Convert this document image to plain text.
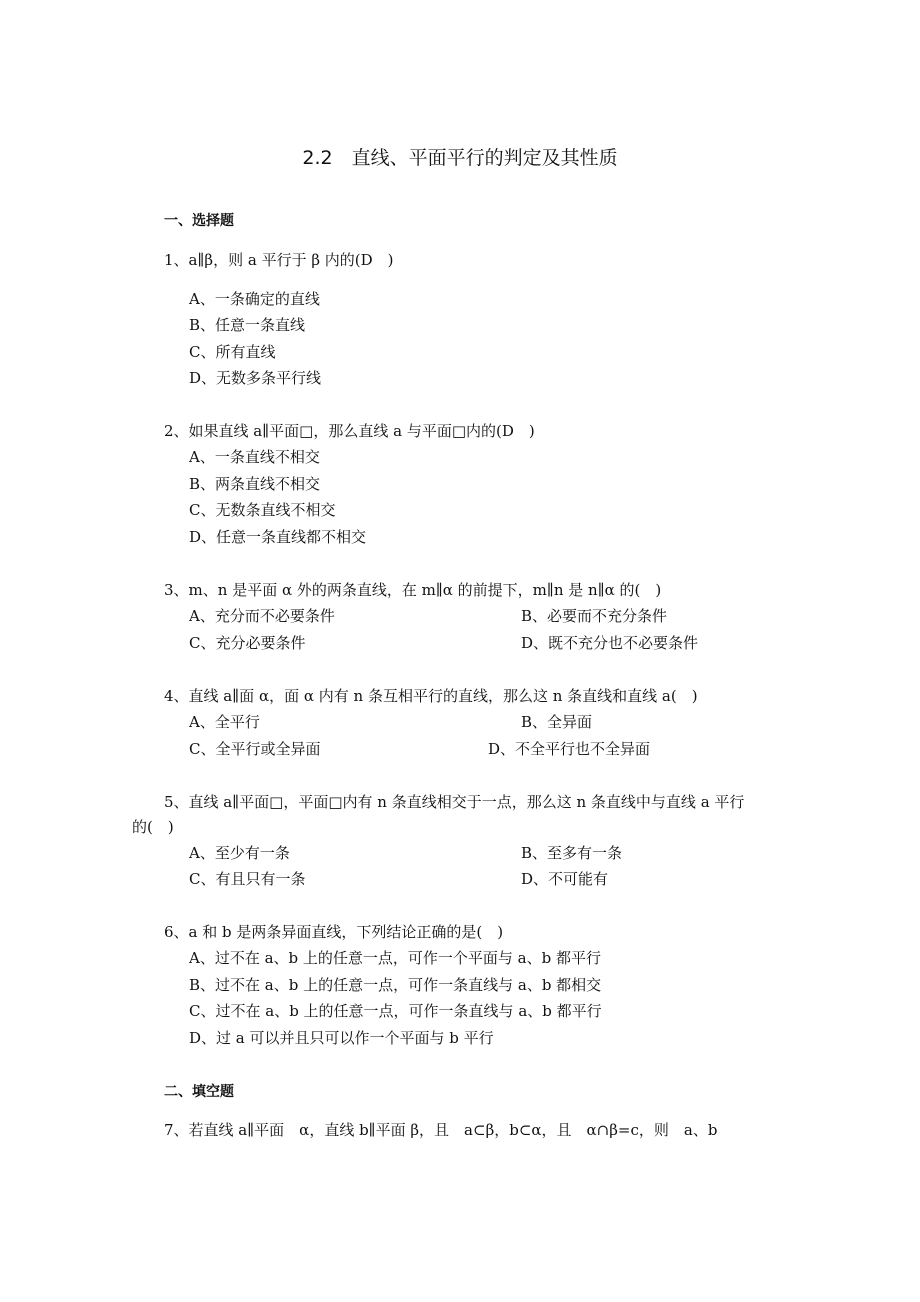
2.2　直线、平面平行的判定及其性质
一、选择题
1、a∥β，则 a 平行于 β 内的(D　)
A、一条确定的直线
B、任意一条直线
C、所有直线
D、无数多条平行线
2、如果直线 a∥平面□，那么直线 a 与平面□内的(D　)
A、一条直线不相交
B、两条直线不相交
C、无数条直线不相交
D、任意一条直线都不相交
3、m、n 是平面 α 外的两条直线，在 m∥α 的前提下，m∥n 是 n∥α 的(　)
A、充分而不必要条件	B、必要而不充分条件
C、充分必要条件	D、既不充分也不必要条件
4、直线 a∥面 α，面 α 内有 n 条互相平行的直线，那么这 n 条直线和直线 a(　)
A、全平行	B、全异面
C、全平行或全异面	D、不全平行也不全异面
5、直线 a∥平面□，平面□内有 n 条直线相交于一点，那么这 n 条直线中与直线 a 平行
的(　)
A、至少有一条	B、至多有一条
C、有且只有一条	D、不可能有
6、a 和 b 是两条异面直线，下列结论正确的是(　)
A、过不在 a、b 上的任意一点，可作一个平面与 a、b 都平行
B、过不在 a、b 上的任意一点，可作一条直线与 a、b 都相交
C、过不在 a、b 上的任意一点，可作一条直线与 a、b 都平行
D、过 a 可以并且只可以作一个平面与 b 平行
二、填空题
7、若直线 a∥平面　α，直线 b∥平面 β，且　a⊂β，b⊂α，且　α∩β=c，则　a、b
